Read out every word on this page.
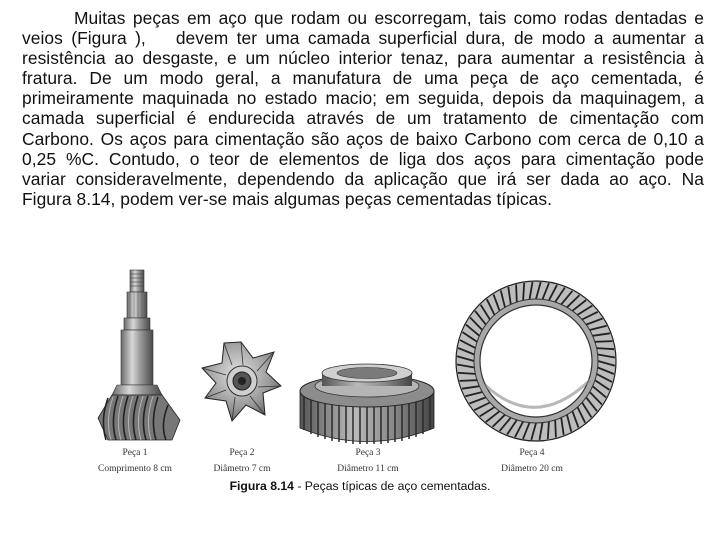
Muitas peças em aço que rodam ou escorregam, tais como rodas dentadas e
veios (Figura ), devem ter uma camada superficial dura, de modo a aumentar a
resistência ao desgaste, e um núcleo interior tenaz, para aumentar a resistência à
fratura. De um modo geral, a manufatura de uma peça de aço cementada, é
primeiramente maquinada no estado macio; em seguida, depois da maquinagem, a
camada superficial é endurecida através de um tratamento de cimentação com
Carbono. Os aços para cimentação são aços de baixo Carbono com cerca de 0,10 a
0,25 %C. Contudo, o teor de elementos de liga dos aços para cimentação pode
variar consideravelmente, dependendo da aplicação que irá ser dada ao aço. Na
Figura 8.14, podem ver-se mais algumas peças cementadas típicas.
Peça 1
Comprimento 8 cm
Peça 2
Diâmetro 7 cm
Peça 3
Diâmetro 11 cm
Peça 4
Diâmetro 20 cm
Figura 8.14 - Peças típicas de aço cementadas.
